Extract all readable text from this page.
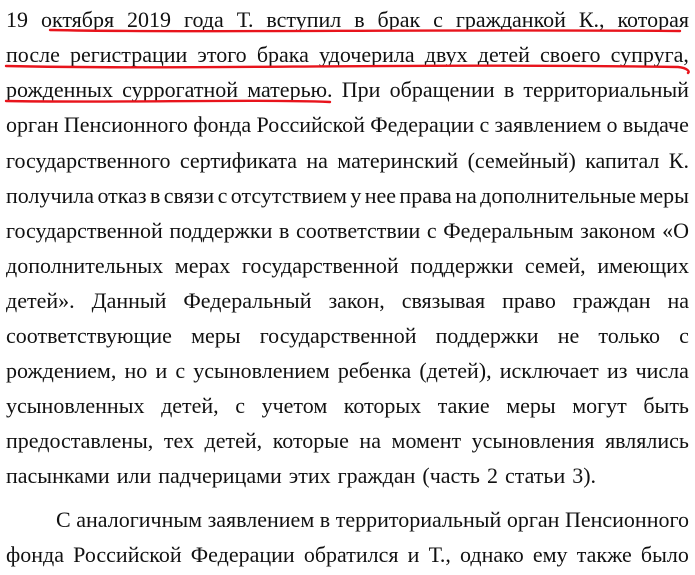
19 октября 2019 года Т. вступил в брак с гражданкой К., которая
после регистрации этого брака удочерила двух детей своего супруга,
рожденных суррогатной матерью. При обращении в территориальный
орган Пенсионного фонда Российской Федерации с заявлением о выдаче
государственного сертификата на материнский (семейный) капитал К.
получила отказ в связи с отсутствием у нее права на дополнительные меры
государственной поддержки в соответствии с Федеральным законом «О
дополнительных мерах государственной поддержки семей, имеющих
детей». Данный Федеральный закон, связывая право граждан на
соответствующие меры государственной поддержки не только с
рождением, но и с усыновлением ребенка (детей), исключает из числа
усыновленных детей, с учетом которых такие меры могут быть
предоставлены, тех детей, которые на момент усыновления являлись
пасынками или падчерицами этих граждан (часть 2 статьи 3).
С аналогичным заявлением в территориальный орган Пенсионного
фонда Российской Федерации обратился и Т., однако ему также было
